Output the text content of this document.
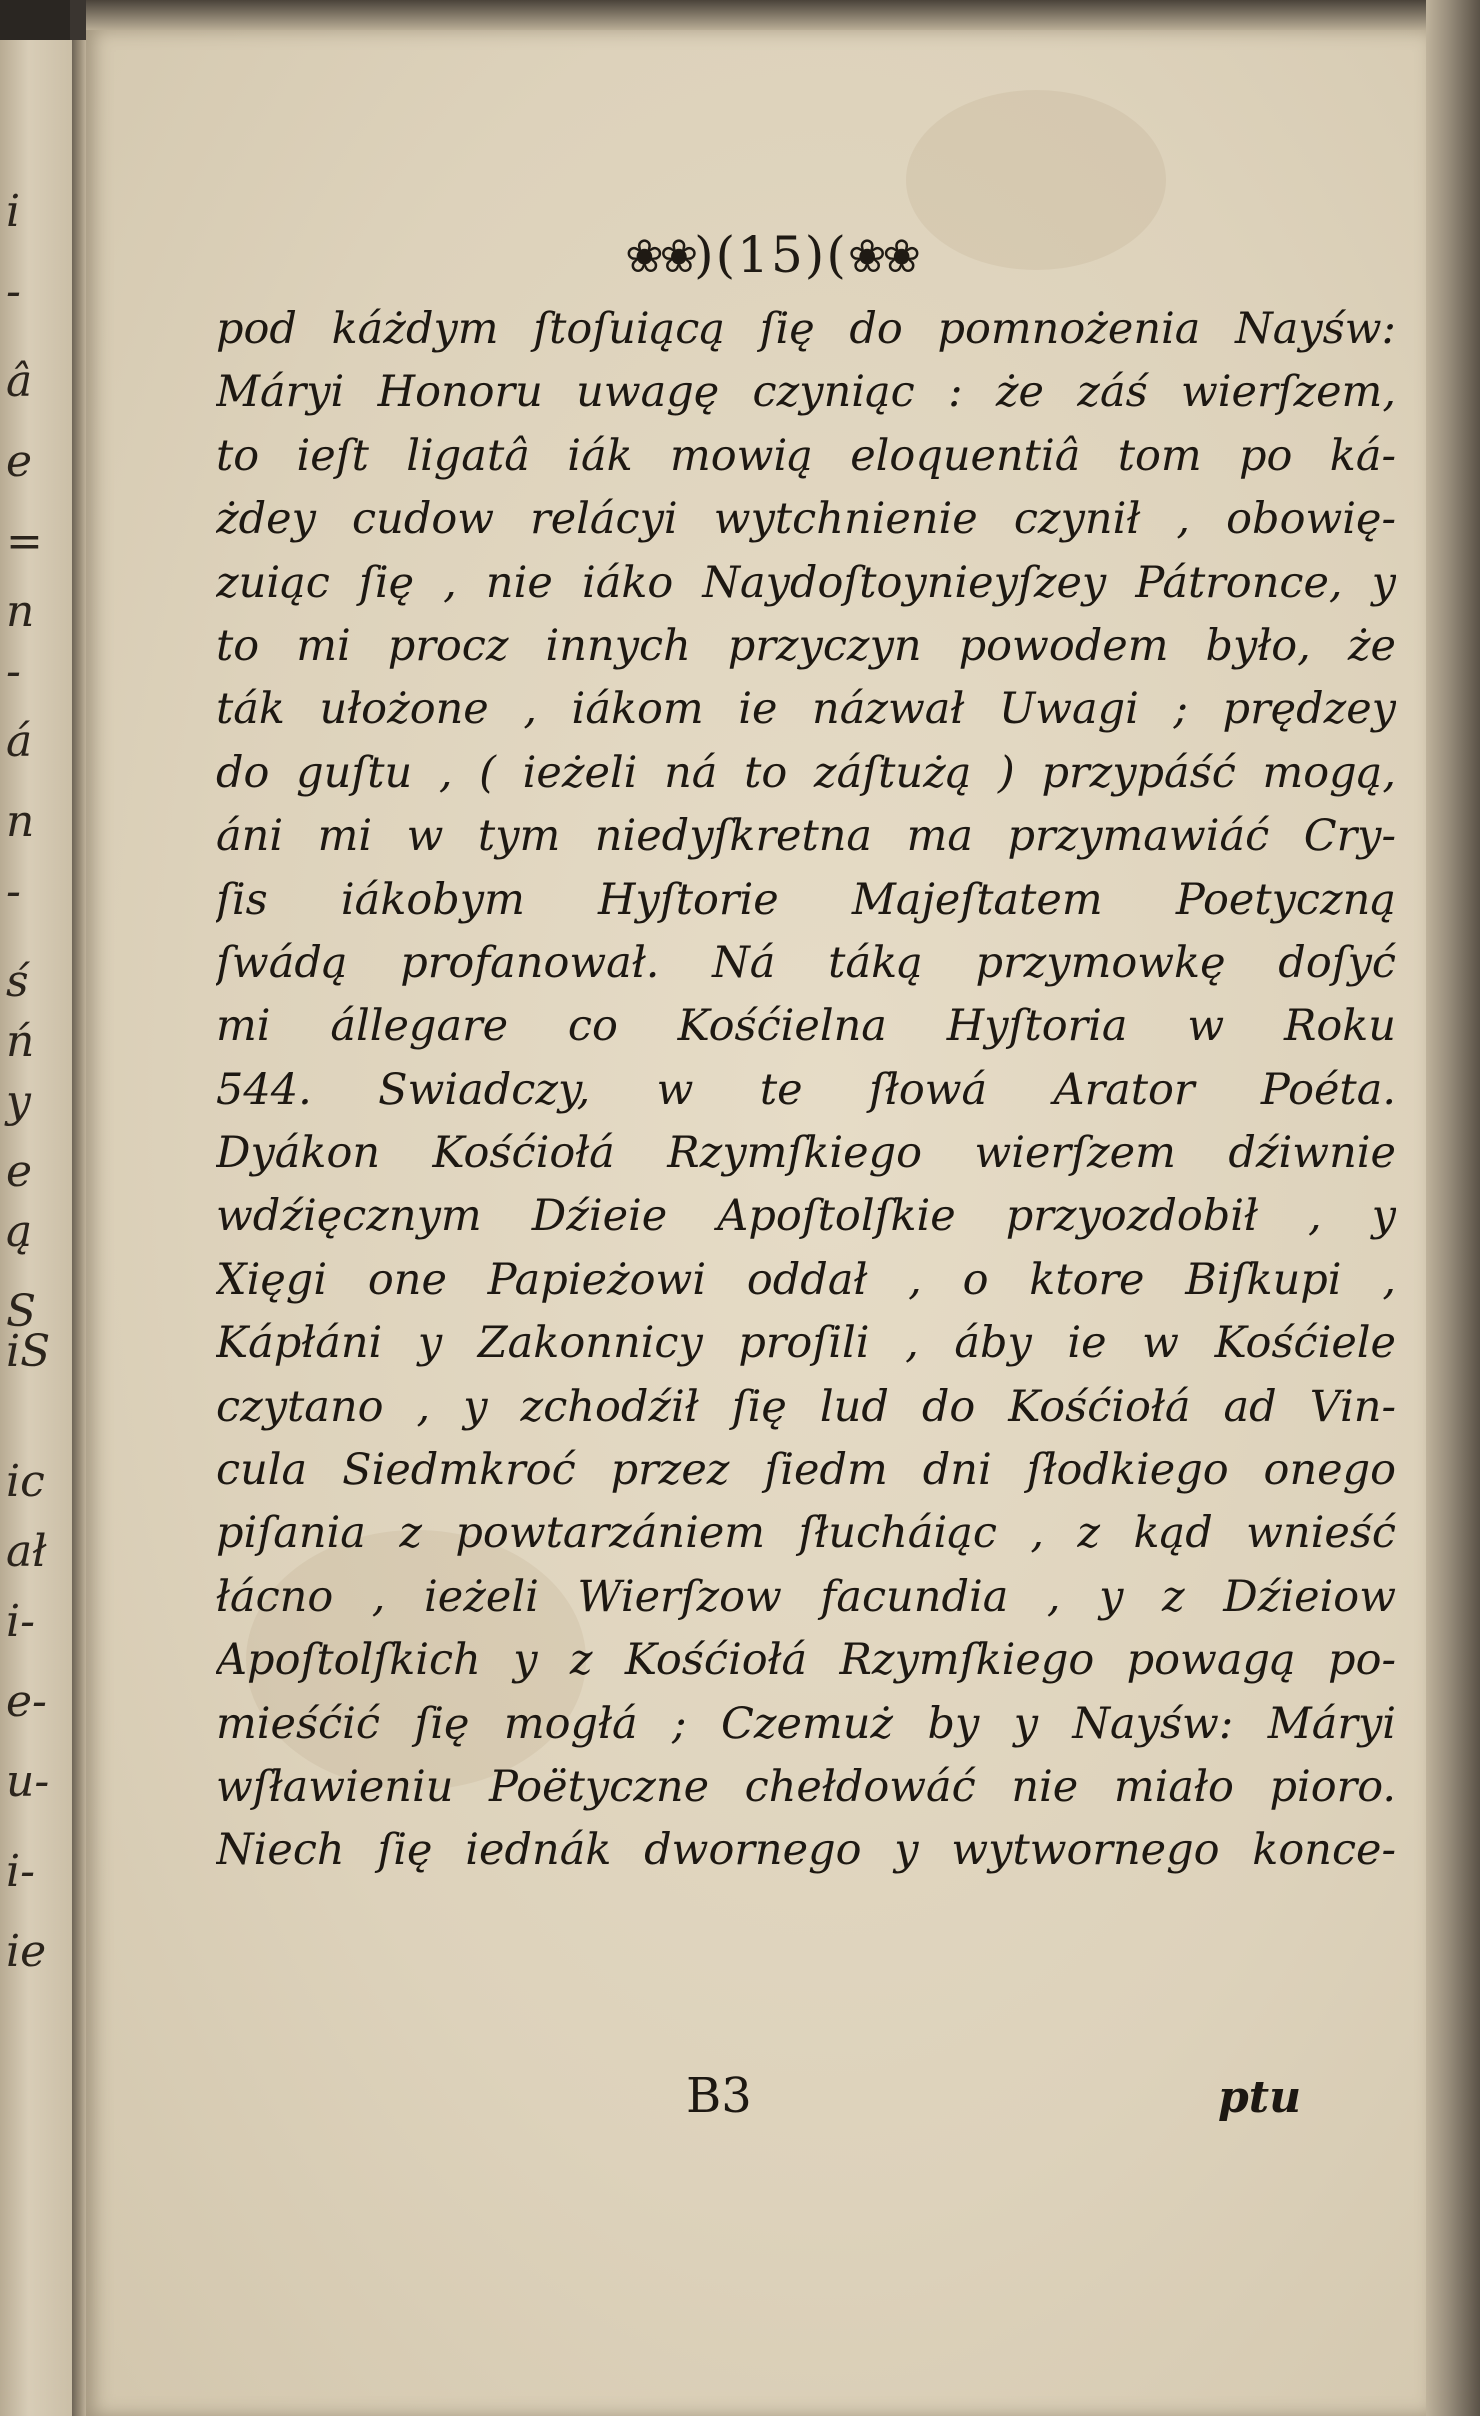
i
-
â
e
=
n
-
á
n
-
ś
ń
y
e
ą
S
iS
ic
ał
i-
e-
u-
i-
ie
❀❀)(15)(❀❀
pod káżdym ſtoſuiącą ſię do pomnożenia Nayśw:
Máryi Honoru uwagę czyniąc : że záś wierſzem,
to ieſt ligatâ iák mowią eloquentiâ tom po ká-
żdey cudow relácyi wytchnienie czynił , obowię-
zuiąc ſię , nie iáko Naydoſtoynieyſzey Pátronce, y
to mi procz innych przyczyn powodem było, że
ták ułożone , iákom ie názwał Uwagi ; prędzey
do guſtu , ( ieżeli ná to záſtużą ) przypáść mogą,
áni mi w tym niedyſkretna ma przymawiáć Cry-
ſis iákobym Hyſtorie Majeſtatem Poetyczną
ſwádą profanował. Ná táką przymowkę doſyć
mi állegare co Kośćielna Hyſtoria w Roku
544. Swiadczy, w te ſłowá Arator Poéta.
Dyákon Kośćiołá Rzymſkiego wierſzem dźiwnie
wdźięcznym Dźieie Apoſtolſkie przyozdobił , y
Xięgi one Papieżowi oddał , o ktore Biſkupi ,
Kápłáni y Zakonnicy proſili , áby ie w Kośćiele
czytano , y zchodźił ſię lud do Kośćiołá ad Vin-
cula Siedmkroć przez ſiedm dni ſłodkiego onego
piſania z powtarzániem ſłucháiąc , z kąd wnieść
łácno , ieżeli Wierſzow facundia , y z Dźieiow
Apoſtolſkich y z Kośćiołá Rzymſkiego powagą po-
mieśćić ſię mogłá ; Czemuż by y Nayśw: Máryi
wſławieniu Poëtyczne chełdowáć nie miało pioro.
Niech ſię iednák dwornego y wytwornego konce-
B3	ptu
